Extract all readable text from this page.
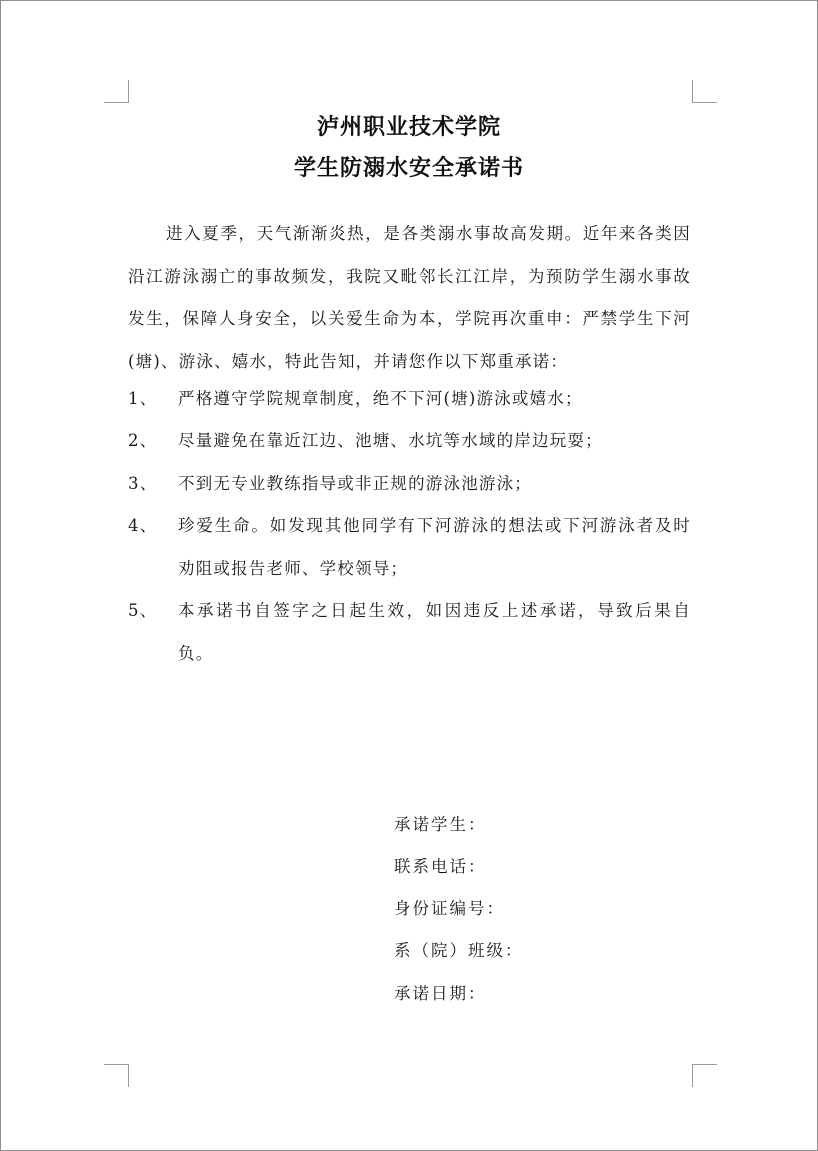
泸州职业技术学院
学生防溺水安全承诺书

进入夏季，天气渐渐炎热，是各类溺水事故高发期。近年来各类因沿江游泳溺亡的事故频发，我院又毗邻长江江岸，为预防学生溺水事故发生，保障人身安全，以关爱生命为本，学院再次重申：严禁学生下河(塘)、游泳、嬉水，特此告知，并请您作以下郑重承诺：

1、 严格遵守学院规章制度，绝不下河(塘)游泳或嬉水；
2、 尽量避免在靠近江边、池塘、水坑等水域的岸边玩耍；
3、 不到无专业教练指导或非正规的游泳池游泳；
4、 珍爱生命。如发现其他同学有下河游泳的想法或下河游泳者及时劝阻或报告老师、学校领导；
5、 本承诺书自签字之日起生效，如因违反上述承诺，导致后果自负。
承诺学生：
联系电话：
身份证编号：
系（院）班级：
承诺日期：
